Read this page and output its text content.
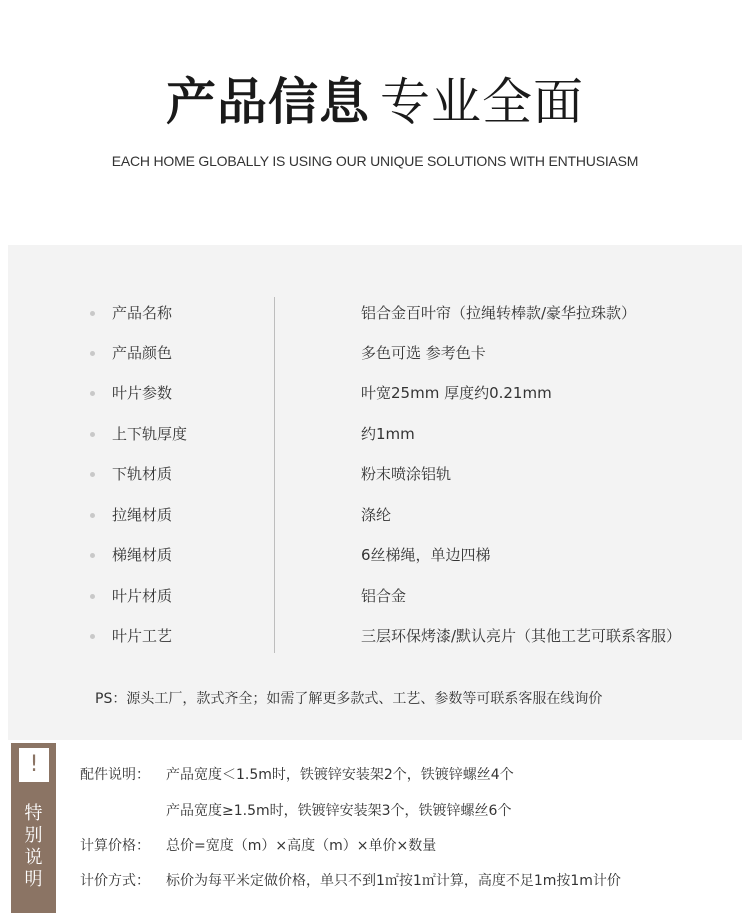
产品信息 专业全面
EACH HOME GLOBALLY IS USING OUR UNIQUE SOLUTIONS WITH ENTHUSIASM
产品名称	铝合金百叶帘（拉绳转棒款/豪华拉珠款）
产品颜色	多色可选 参考色卡
叶片参数	叶宽25mm 厚度约0.21mm
上下轨厚度	约1mm
下轨材质	粉末喷涂铝轨
拉绳材质	涤纶
梯绳材质	6丝梯绳，单边四梯
叶片材质	铝合金
叶片工艺	三层环保烤漆/默认亮片（其他工艺可联系客服）
PS：源头工厂，款式齐全；如需了解更多款式、工艺、参数等可联系客服在线询价
!
特
别
说
明
配件说明： 产品宽度＜1.5m时，铁镀锌安装架2个，铁镀锌螺丝4个
产品宽度≥1.5m时，铁镀锌安装架3个，铁镀锌螺丝6个
计算价格： 总价=宽度（m）×高度（m）×单价×数量
计价方式： 标价为每平米定做价格，单只不到1㎡按1㎡计算，高度不足1m按1m计价
